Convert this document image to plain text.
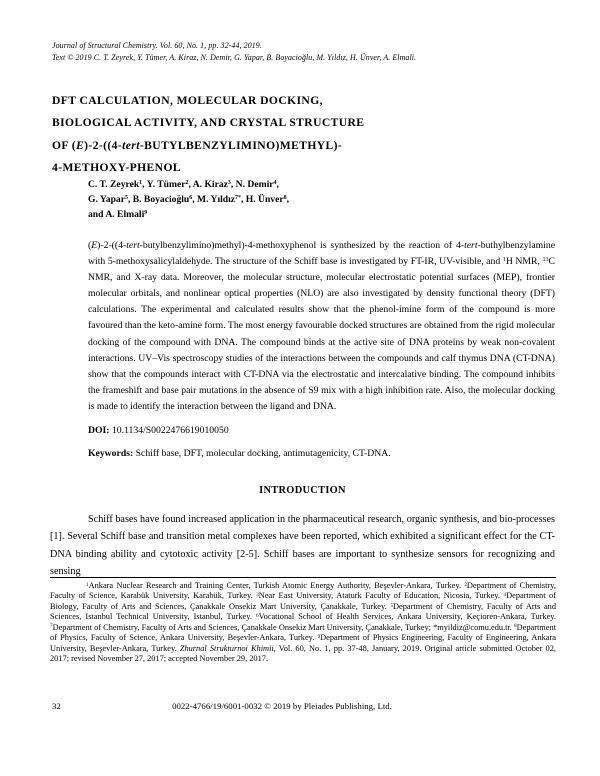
Journal of Structural Chemistry. Vol. 60, No. 1, pp. 32-44, 2019.
Text © 2019 C. T. Zeyrek, Y. Tümer, A. Kiraz, N. Demir, G. Yapar, B. Boyacioğlu, M. Yıldız, H. Ünver, A. Elmali.
DFT CALCULATION, MOLECULAR DOCKING,
BIOLOGICAL ACTIVITY, AND CRYSTAL STRUCTURE
OF (E)-2-((4-tert-BUTYLBENZYLIMINO)METHYL)-
4-METHOXY-PHENOL
C. T. Zeyrek$^1$, Y. Tümer$^2$, A. Kiraz$^3$, N. Demir$^4$,
G. Yapar$^5$, B. Boyacioğlu$^6$, M. Yıldız$^{7*}$, H. Ünver$^8$,
and A. Elmali$^9$
(E)-2-((4-tert-butylbenzylimino)methyl)-4-methoxyphenol is synthesized by the reaction of 4-tert-buthylbenzylamine with 5-methoxysalicylaldehyde. The structure of the Schiff base is investigated by FT-IR, UV-visible, and $^1$H NMR, $^{13}$C NMR, and X-ray data. Moreover, the molecular structure, molecular electrostatic potential surfaces (MEP), frontier molecular orbitals, and nonlinear optical properties (NLO) are also investigated by density functional theory (DFT) calculations. The experimental and calculated results show that the phenol-imine form of the compound is more favoured than the keto-amine form. The most energy favourable docked structures are obtained from the rigid molecular docking of the compound with DNA. The compound binds at the active site of DNA proteins by weak non-covalent interactions. UV–Vis spectroscopy studies of the interactions between the compounds and calf thymus DNA (CT-DNA) show that the compounds interact with CT-DNA via the electrostatic and intercalative binding. The compound inhibits the frameshift and base pair mutations in the absence of S9 mix with a high inhibition rate. Also, the molecular docking is made to identify the interaction between the ligand and DNA.
DOI: 10.1134/S0022476619010050
Keywords: Schiff base, DFT, molecular docking, antimutagenicity, CT-DNA.
INTRODUCTION
Schiff bases have found increased application in the pharmaceutical research, organic synthesis, and bio-processes [1]. Several Schiff base and transition metal complexes have been reported, which exhibited a significant effect for the CT-DNA binding ability and cytotoxic activity [2-5]. Schiff bases are important to synthesize sensors for recognizing and sensing
$^1$Ankara Nuclear Research and Training Center, Turkish Atomic Energy Authority, Beşevler-Ankara, Turkey. $^2$Department of Chemistry, Faculty of Science, Karabük University, Karabük, Turkey. $^3$Near East University, Ataturk Faculty of Education, Nicosia, Turkey. $^4$Department of Biology, Faculty of Arts and Sciences, Çanakkale Onsekiz Mart University, Çanakkale, Turkey. $^5$Department of Chemistry, Faculty of Arts and Sciences, Istanbul Technical University, Istanbul, Turkey. $^6$Vocational School of Health Services, Ankara University, Keçioren-Ankara, Turkey. $^7$Department of Chemistry, Faculty of Arts and Sciences, Çanakkale Onsekiz Mart University, Çanakkale, Turkey; *myildiz@comu.edu.tr. $^8$Department of Physics, Faculty of Science, Ankara University, Beşevler-Ankara, Turkey. $^9$Department of Physics Engineering, Faculty of Engineering, Ankara University, Beşevler-Ankara, Turkey. Zhurnal Strukturnoi Khimii, Vol. 60, No. 1, pp. 37-48, January, 2019. Original article submitted October 02, 2017; revised November 27, 2017; accepted November 29, 2017.
32	0022-4766/19/6001-0032 © 2019 by Pleiades Publishing, Ltd.
